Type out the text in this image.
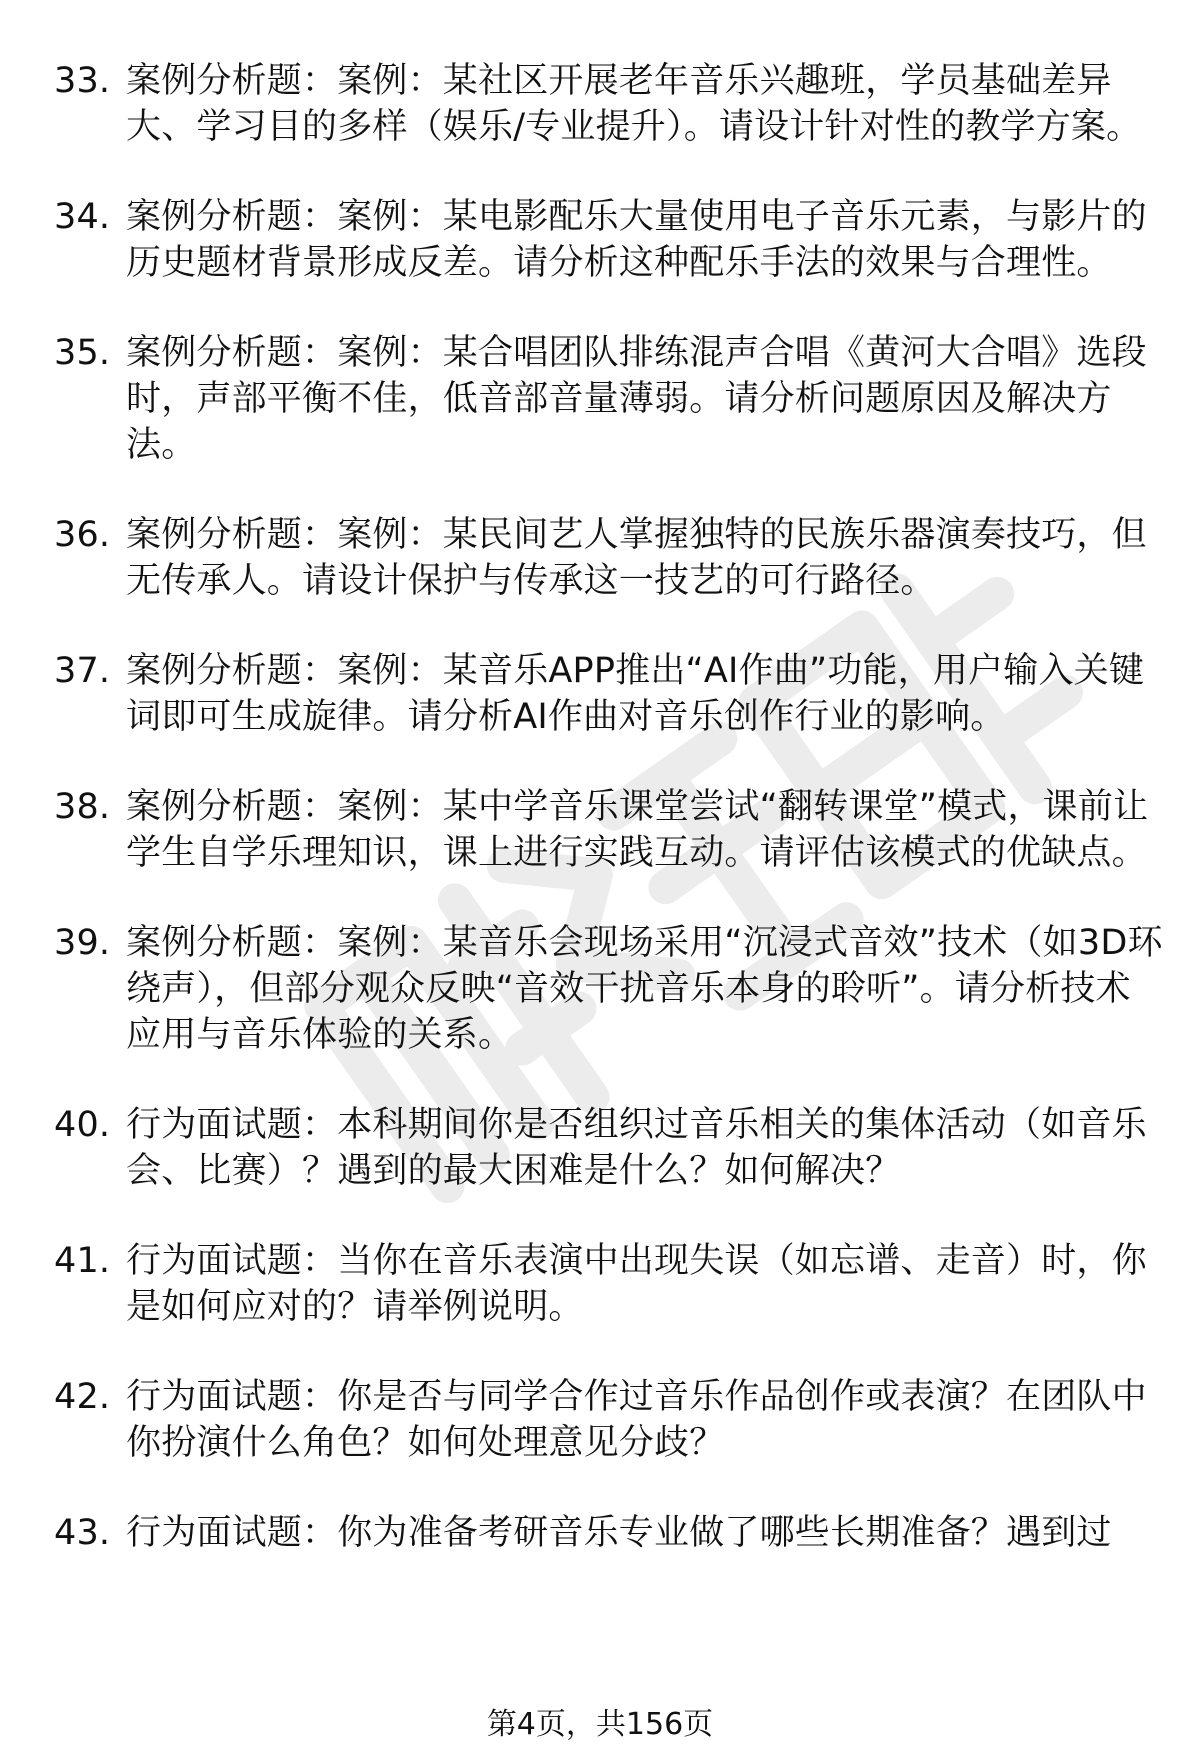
33. 案例分析题：案例：某社区开展老年音乐兴趣班，学员基础差异大、学习目的多样（娱乐/专业提升）。请设计针对性的教学方案。
34. 案例分析题：案例：某电影配乐大量使用电子音乐元素，与影片的历史题材背景形成反差。请分析这种配乐手法的效果与合理性。
35. 案例分析题：案例：某合唱团队排练混声合唱《黄河大合唱》选段时，声部平衡不佳，低音部音量薄弱。请分析问题原因及解决方法。
36. 案例分析题：案例：某民间艺人掌握独特的民族乐器演奏技巧，但无传承人。请设计保护与传承这一技艺的可行路径。
37. 案例分析题：案例：某音乐APP推出“AI作曲”功能，用户输入关键词即可生成旋律。请分析AI作曲对音乐创作行业的影响。
38. 案例分析题：案例：某中学音乐课堂尝试“翻转课堂”模式，课前让学生自学乐理知识，课上进行实践互动。请评估该模式的优缺点。
39. 案例分析题：案例：某音乐会现场采用“沉浸式音效”技术（如3D环绕声），但部分观众反映“音效干扰音乐本身的聆听”。请分析技术应用与音乐体验的关系。
40. 行为面试题：本科期间你是否组织过音乐相关的集体活动（如音乐会、比赛）？遇到的最大困难是什么？如何解决？
41. 行为面试题：当你在音乐表演中出现失误（如忘谱、走音）时，你是如何应对的？请举例说明。
42. 行为面试题：你是否与同学合作过音乐作品创作或表演？在团队中你扮演什么角色？如何处理意见分歧？
43. 行为面试题：你为准备考研音乐专业做了哪些长期准备？遇到过
第4页，共156页
